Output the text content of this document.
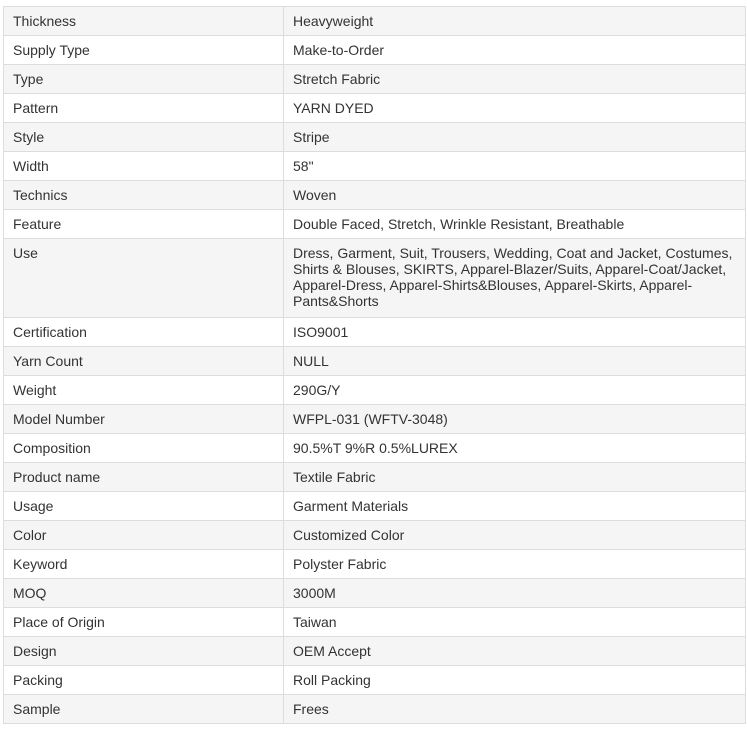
Thickness	Heavyweight
Supply Type	Make-to-Order
Type	Stretch Fabric
Pattern	YARN DYED
Style	Stripe
Width	58"
Technics	Woven
Feature	Double Faced, Stretch, Wrinkle Resistant, Breathable
Use	Dress, Garment, Suit, Trousers, Wedding, Coat and Jacket, Costumes, Shirts & Blouses, SKIRTS, Apparel-Blazer/Suits, Apparel-Coat/Jacket, Apparel-Dress, Apparel-Shirts&Blouses, Apparel-Skirts, Apparel-Pants&Shorts
Certification	ISO9001
Yarn Count	NULL
Weight	290G/Y
Model Number	WFPL-031 (WFTV-3048)
Composition	90.5%T 9%R 0.5%LUREX
Product name	Textile Fabric
Usage	Garment Materials
Color	Customized Color
Keyword	Polyster Fabric
MOQ	3000M
Place of Origin	Taiwan
Design	OEM Accept
Packing	Roll Packing
Sample	Frees
